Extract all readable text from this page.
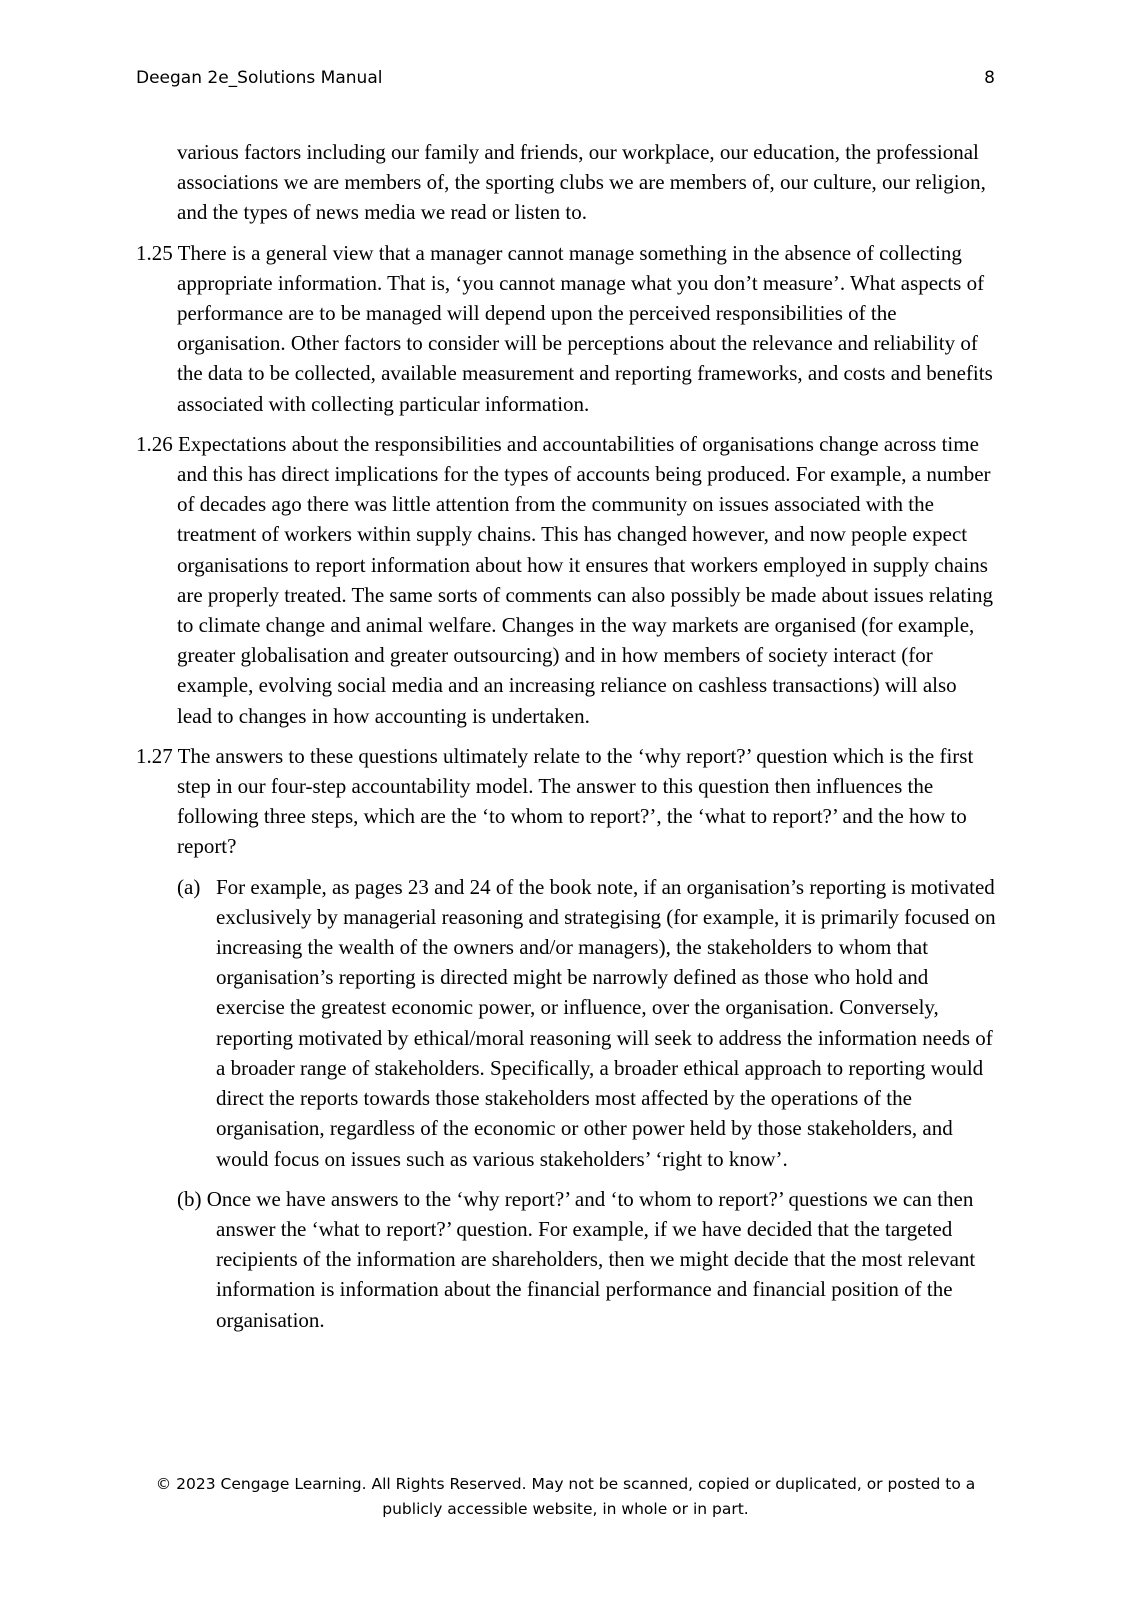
Deegan 2e_Solutions Manual	8
various factors including our family and friends, our workplace, our education, the professional associations we are members of, the sporting clubs we are members of, our culture, our religion, and the types of news media we read or listen to.
1.25 There is a general view that a manager cannot manage something in the absence of collecting appropriate information. That is, ‘you cannot manage what you don’t measure’. What aspects of performance are to be managed will depend upon the perceived responsibilities of the organisation. Other factors to consider will be perceptions about the relevance and reliability of the data to be collected, available measurement and reporting frameworks, and costs and benefits associated with collecting particular information.
1.26 Expectations about the responsibilities and accountabilities of organisations change across time and this has direct implications for the types of accounts being produced. For example, a number of decades ago there was little attention from the community on issues associated with the treatment of workers within supply chains. This has changed however, and now people expect organisations to report information about how it ensures that workers employed in supply chains are properly treated. The same sorts of comments can also possibly be made about issues relating to climate change and animal welfare. Changes in the way markets are organised (for example, greater globalisation and greater outsourcing) and in how members of society interact (for example, evolving social media and an increasing reliance on cashless transactions) will also lead to changes in how accounting is undertaken.
1.27 The answers to these questions ultimately relate to the ‘why report?’ question which is the first step in our four-step accountability model. The answer to this question then influences the following three steps, which are the ‘to whom to report?’, the ‘what to report?’ and the how to report?
(a) For example, as pages 23 and 24 of the book note, if an organisation’s reporting is motivated exclusively by managerial reasoning and strategising (for example, it is primarily focused on increasing the wealth of the owners and/or managers), the stakeholders to whom that organisation’s reporting is directed might be narrowly defined as those who hold and exercise the greatest economic power, or influence, over the organisation. Conversely, reporting motivated by ethical/moral reasoning will seek to address the information needs of a broader range of stakeholders. Specifically, a broader ethical approach to reporting would direct the reports towards those stakeholders most affected by the operations of the organisation, regardless of the economic or other power held by those stakeholders, and would focus on issues such as various stakeholders’ ‘right to know’.
(b) Once we have answers to the ‘why report?’ and ‘to whom to report?’ questions we can then answer the ‘what to report?’ question. For example, if we have decided that the targeted recipients of the information are shareholders, then we might decide that the most relevant information is information about the financial performance and financial position of the organisation.
© 2023 Cengage Learning. All Rights Reserved. May not be scanned, copied or duplicated, or posted to a
publicly accessible website, in whole or in part.
